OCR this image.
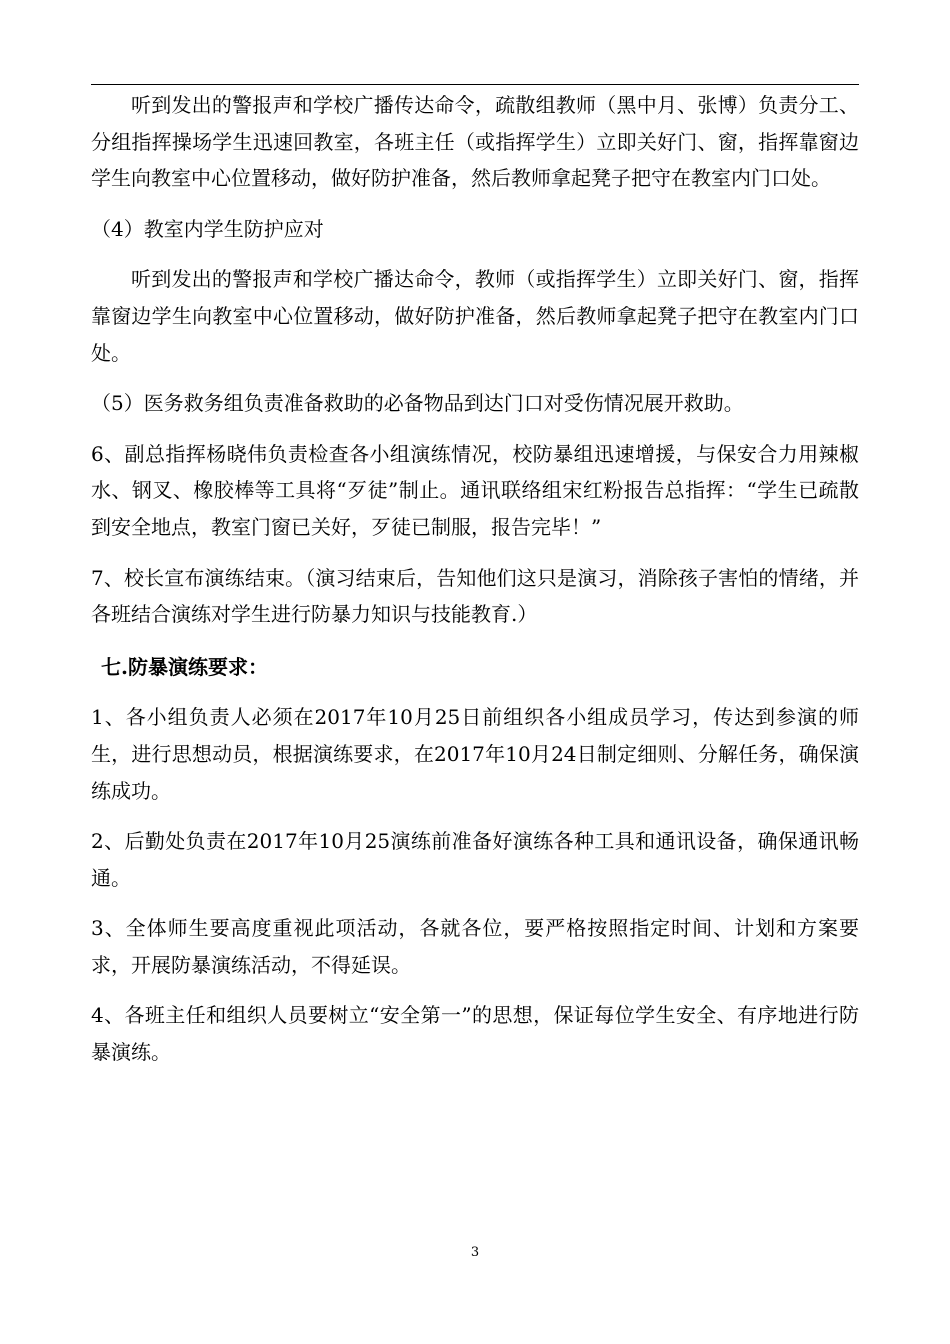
听到发出的警报声和学校广播传达命令，疏散组教师（黑中月、张博）负责分工、分组指挥操场学生迅速回教室，各班主任（或指挥学生）立即关好门、窗，指挥靠窗边学生向教室中心位置移动，做好防护准备，然后教师拿起凳子把守在教室内门口处。

（4）教室内学生防护应对

听到发出的警报声和学校广播达命令，教师（或指挥学生）立即关好门、窗，指挥靠窗边学生向教室中心位置移动，做好防护准备，然后教师拿起凳子把守在教室内门口处。

（5）医务救务组负责准备救助的必备物品到达门口对受伤情况展开救助。

6、副总指挥杨晓伟负责检查各小组演练情况，校防暴组迅速增援，与保安合力用辣椒水、钢叉、橡胶棒等工具将“歹徒”制止。通讯联络组宋红粉报告总指挥：“学生已疏散到安全地点，教室门窗已关好，歹徒已制服，报告完毕！”

7、校长宣布演练结束。（演习结束后，告知他们这只是演习，消除孩子害怕的情绪，并各班结合演练对学生进行防暴力知识与技能教育.）

七.防暴演练要求：

1、各小组负责人必须在2017年10月25日前组织各小组成员学习，传达到参演的师生，进行思想动员，根据演练要求，在2017年10月24日制定细则、分解任务，确保演练成功。

2、后勤处负责在2017年10月25演练前准备好演练各种工具和通讯设备，确保通讯畅通。

3、全体师生要高度重视此项活动，各就各位，要严格按照指定时间、计划和方案要求，开展防暴演练活动，不得延误。

4、各班主任和组织人员要树立“安全第一”的思想，保证每位学生安全、有序地进行防暴演练。

3
